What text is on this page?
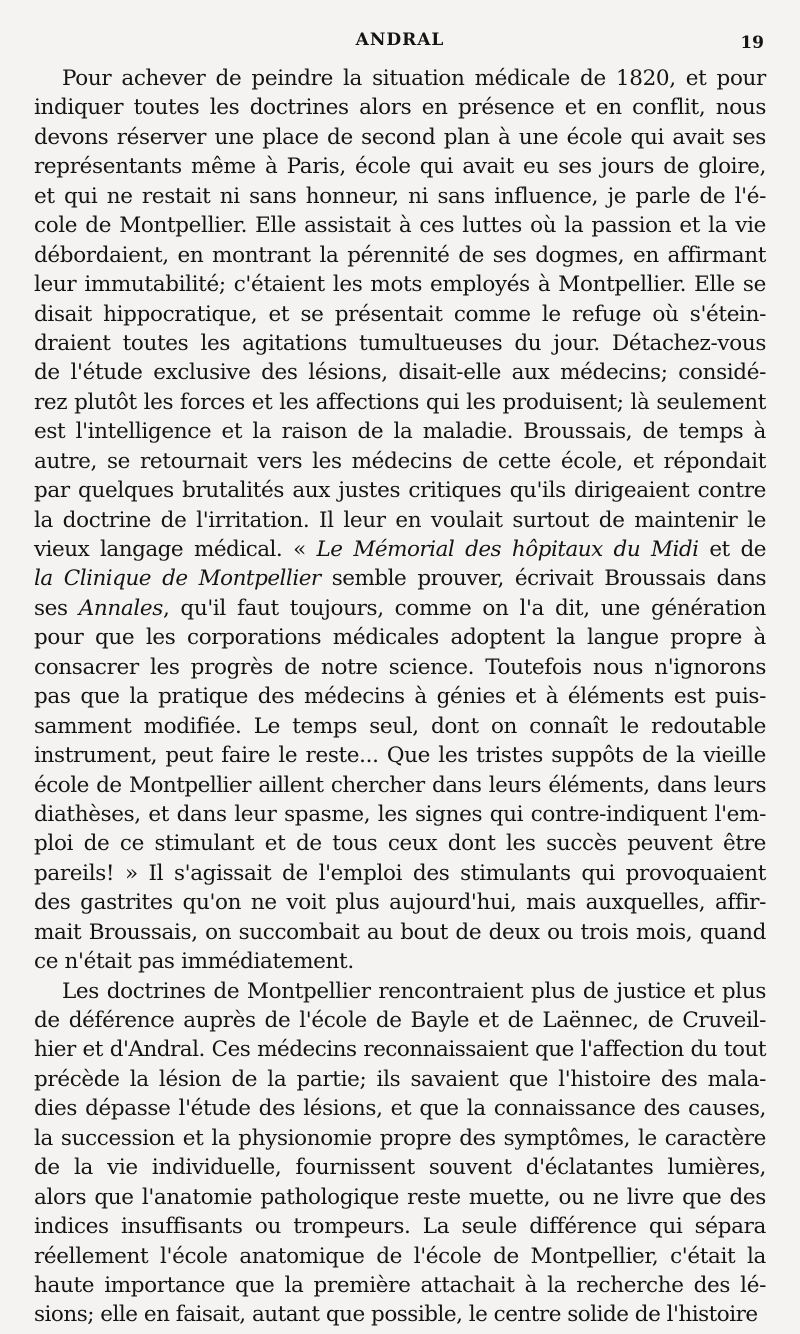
ANDRAL	19

Pour achever de peindre la situation médicale de 1820, et pour
indiquer toutes les doctrines alors en présence et en conflit, nous
devons réserver une place de second plan à une école qui avait ses
représentants même à Paris, école qui avait eu ses jours de gloire,
et qui ne restait ni sans honneur, ni sans influence, je parle de l'é-
cole de Montpellier. Elle assistait à ces luttes où la passion et la vie
débordaient, en montrant la pérennité de ses dogmes, en affirmant
leur immutabilité; c'étaient les mots employés à Montpellier. Elle se
disait hippocratique, et se présentait comme le refuge où s'étein-
draient toutes les agitations tumultueuses du jour. Détachez-vous
de l'étude exclusive des lésions, disait-elle aux médecins; considé-
rez plutôt les forces et les affections qui les produisent; là seulement
est l'intelligence et la raison de la maladie. Broussais, de temps à
autre, se retournait vers les médecins de cette école, et répondait
par quelques brutalités aux justes critiques qu'ils dirigeaient contre
la doctrine de l'irritation. Il leur en voulait surtout de maintenir le
vieux langage médical. « Le Mémorial des hôpitaux du Midi et de
la Clinique de Montpellier semble prouver, écrivait Broussais dans
ses Annales, qu'il faut toujours, comme on l'a dit, une génération
pour que les corporations médicales adoptent la langue propre à
consacrer les progrès de notre science. Toutefois nous n'ignorons
pas que la pratique des médecins à génies et à éléments est puis-
samment modifiée. Le temps seul, dont on connaît le redoutable
instrument, peut faire le reste... Que les tristes suppôts de la vieille
école de Montpellier aillent chercher dans leurs éléments, dans leurs
diathèses, et dans leur spasme, les signes qui contre-indiquent l'em-
ploi de ce stimulant et de tous ceux dont les succès peuvent être
pareils! » Il s'agissait de l'emploi des stimulants qui provoquaient
des gastrites qu'on ne voit plus aujourd'hui, mais auxquelles, affir-
mait Broussais, on succombait au bout de deux ou trois mois, quand
ce n'était pas immédiatement.

Les doctrines de Montpellier rencontraient plus de justice et plus
de déférence auprès de l'école de Bayle et de Laënnec, de Cruveil-
hier et d'Andral. Ces médecins reconnaissaient que l'affection du tout
précède la lésion de la partie; ils savaient que l'histoire des mala-
dies dépasse l'étude des lésions, et que la connaissance des causes,
la succession et la physionomie propre des symptômes, le caractère
de la vie individuelle, fournissent souvent d'éclatantes lumières,
alors que l'anatomie pathologique reste muette, ou ne livre que des
indices insuffisants ou trompeurs. La seule différence qui sépara
réellement l'école anatomique de l'école de Montpellier, c'était la
haute importance que la première attachait à la recherche des lé-
sions; elle en faisait, autant que possible, le centre solide de l'histoire
